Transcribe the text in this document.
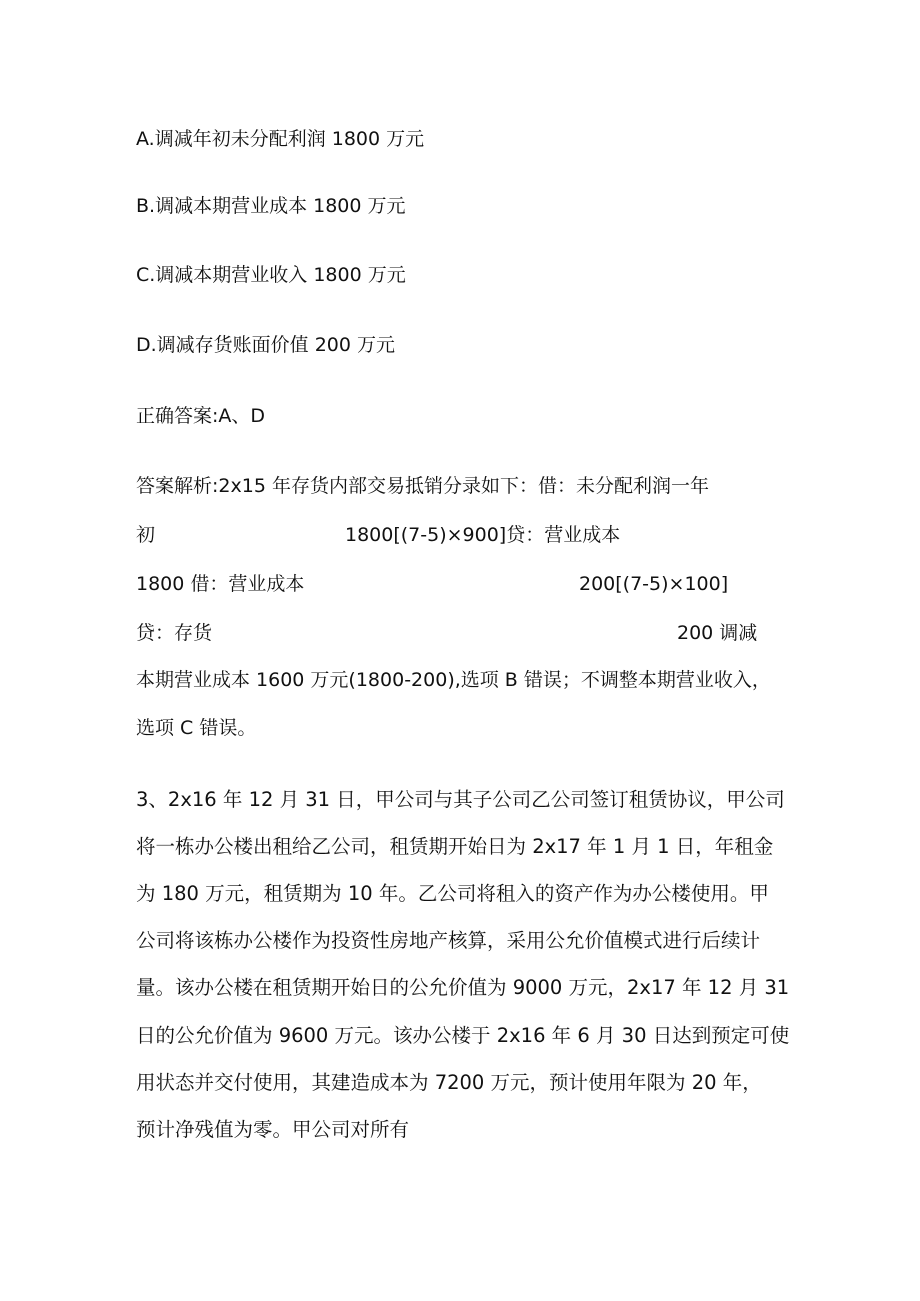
A.调减年初未分配利润 1800 万元
B.调减本期营业成本 1800 万元
C.调减本期营业收入 1800 万元
D.调减存货账面价值 200 万元
正确答案:A、D
答案解析:2x15 年存货内部交易抵销分录如下：借：未分配利润一年
初	1800[(7-5)×900]贷：营业成本
1800 借：营业成本	200[(7-5)×100]
贷：存货	200 调减
本期营业成本 1600 万元(1800-200),选项 B 错误；不调整本期营业收入，
选项 C 错误。
3、2x16 年 12 月 31 日，甲公司与其子公司乙公司签订租赁协议，甲公司
将一栋办公楼出租给乙公司，租赁期开始日为 2x17 年 1 月 1 日，年租金
为 180 万元，租赁期为 10 年。乙公司将租入的资产作为办公楼使用。甲
公司将该栋办公楼作为投资性房地产核算，采用公允价值模式进行后续计
量。该办公楼在租赁期开始日的公允价值为 9000 万元，2x17 年 12 月 31
日的公允价值为 9600 万元。该办公楼于 2x16 年 6 月 30 日达到预定可使
用状态并交付使用，其建造成本为 7200 万元，预计使用年限为 20 年，
预计净残值为零。甲公司对所有
